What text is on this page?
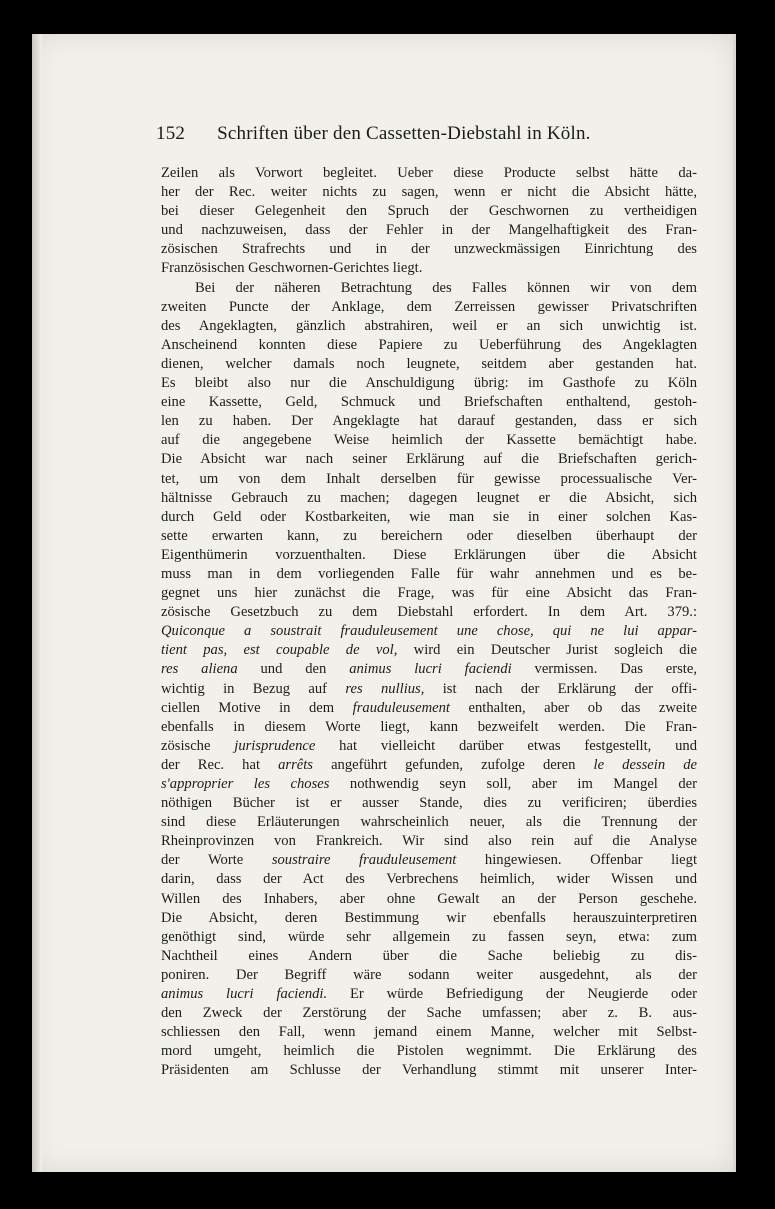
152 Schriften über den Cassetten-Diebstahl in Köln.
Zeilen als Vorwort begleitet. Ueber diese Producte selbst hätte da-
her der Rec. weiter nichts zu sagen, wenn er nicht die Absicht hätte,
bei dieser Gelegenheit den Spruch der Geschwornen zu vertheidigen
und nachzuweisen, dass der Fehler in der Mangelhaftigkeit des Fran-
zösischen Strafrechts und in der unzweckmässigen Einrichtung des
Französischen Geschwornen-Gerichtes liegt.
Bei der näheren Betrachtung des Falles können wir von dem
zweiten Puncte der Anklage, dem Zerreissen gewisser Privatschriften
des Angeklagten, gänzlich abstrahiren, weil er an sich unwichtig ist.
Anscheinend konnten diese Papiere zu Ueberführung des Angeklagten
dienen, welcher damals noch leugnete, seitdem aber gestanden hat.
Es bleibt also nur die Anschuldigung übrig: im Gasthofe zu Köln
eine Kassette, Geld, Schmuck und Briefschaften enthaltend, gestoh-
len zu haben. Der Angeklagte hat darauf gestanden, dass er sich
auf die angegebene Weise heimlich der Kassette bemächtigt habe.
Die Absicht war nach seiner Erklärung auf die Briefschaften gerich-
tet, um von dem Inhalt derselben für gewisse processualische Ver-
hältnisse Gebrauch zu machen; dagegen leugnet er die Absicht, sich
durch Geld oder Kostbarkeiten, wie man sie in einer solchen Kas-
sette erwarten kann, zu bereichern oder dieselben überhaupt der
Eigenthümerin vorzuenthalten. Diese Erklärungen über die Absicht
muss man in dem vorliegenden Falle für wahr annehmen und es be-
gegnet uns hier zunächst die Frage, was für eine Absicht das Fran-
zösische Gesetzbuch zu dem Diebstahl erfordert. In dem Art. 379.:
Quiconque a soustrait frauduleusement une chose, qui ne lui appar-
tient pas, est coupable de vol, wird ein Deutscher Jurist sogleich die
res aliena und den animus lucri faciendi vermissen. Das erste,
wichtig in Bezug auf res nullius, ist nach der Erklärung der offi-
ciellen Motive in dem frauduleusement enthalten, aber ob das zweite
ebenfalls in diesem Worte liegt, kann bezweifelt werden. Die Fran-
zösische jurisprudence hat vielleicht darüber etwas festgestellt, und
der Rec. hat arrêts angeführt gefunden, zufolge deren le dessein de
s'approprier les choses nothwendig seyn soll, aber im Mangel der
nöthigen Bücher ist er ausser Stande, dies zu verificiren; überdies
sind diese Erläuterungen wahrscheinlich neuer, als die Trennung der
Rheinprovinzen von Frankreich. Wir sind also rein auf die Analyse
der Worte soustraire frauduleusement hingewiesen. Offenbar liegt
darin, dass der Act des Verbrechens heimlich, wider Wissen und
Willen des Inhabers, aber ohne Gewalt an der Person geschehe.
Die Absicht, deren Bestimmung wir ebenfalls herauszuinterpretiren
genöthigt sind, würde sehr allgemein zu fassen seyn, etwa: zum
Nachtheil eines Andern über die Sache beliebig zu dis-
poniren. Der Begriff wäre sodann weiter ausgedehnt, als der
animus lucri faciendi. Er würde Befriedigung der Neugierde oder
den Zweck der Zerstörung der Sache umfassen; aber z. B. aus-
schliessen den Fall, wenn jemand einem Manne, welcher mit Selbst-
mord umgeht, heimlich die Pistolen wegnimmt. Die Erklärung des
Präsidenten am Schlusse der Verhandlung stimmt mit unserer Inter-
